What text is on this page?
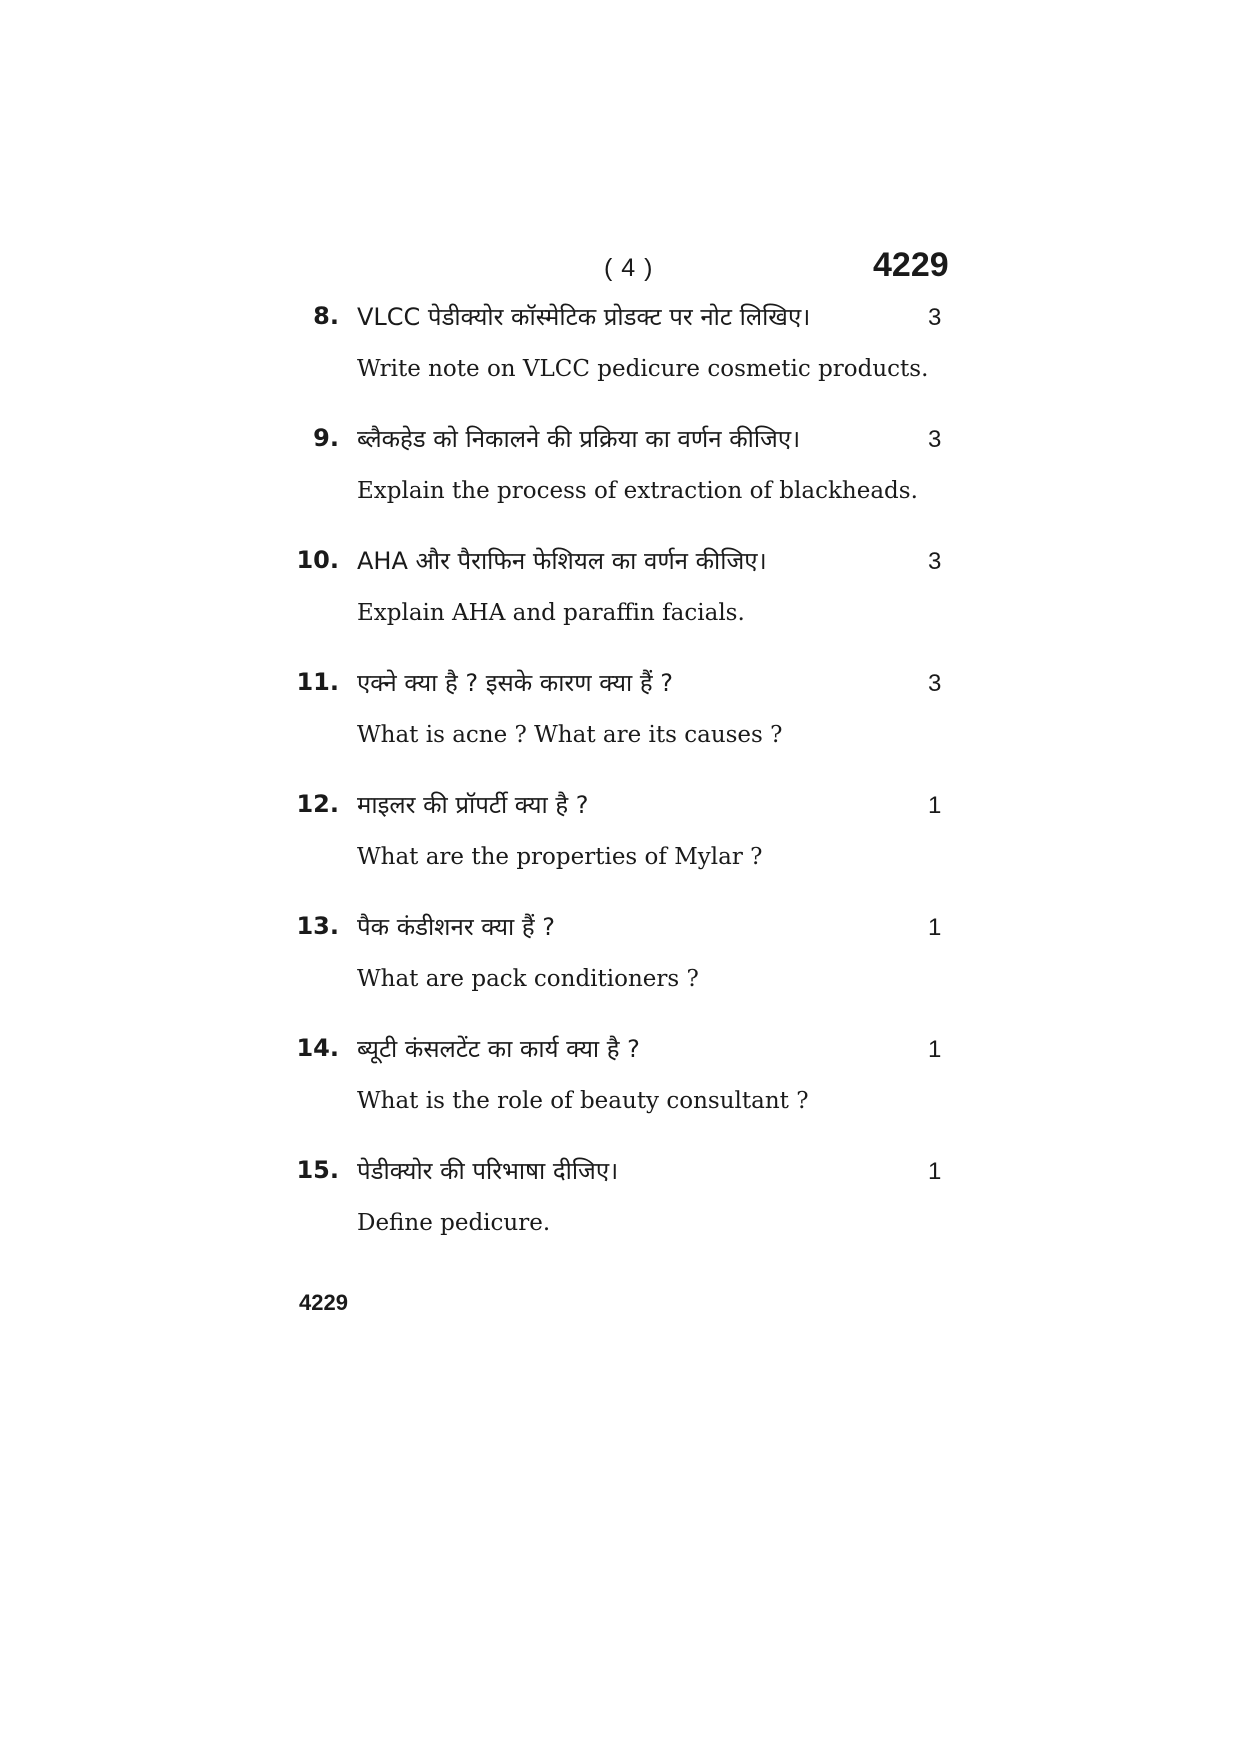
( 4 )	4229
8. VLCC पेडीक्योर कॉस्मेटिक प्रोडक्ट पर नोट लिखिए।	3
Write note on VLCC pedicure cosmetic products.
9. ब्लैकहेड को निकालने की प्रक्रिया का वर्णन कीजिए।	3
Explain the process of extraction of blackheads.
10. AHA और पैराफिन फेशियल का वर्णन कीजिए।	3
Explain AHA and paraffin facials.
11. एक्ने क्या है ? इसके कारण क्या हैं ?	3
What is acne ? What are its causes ?
12. माइलर की प्रॉपर्टी क्या है ?	1
What are the properties of Mylar ?
13. पैक कंडीशनर क्या हैं ?	1
What are pack conditioners ?
14. ब्यूटी कंसलटेंट का कार्य क्या है ?	1
What is the role of beauty consultant ?
15. पेडीक्योर की परिभाषा दीजिए।	1
Define pedicure.
4229
